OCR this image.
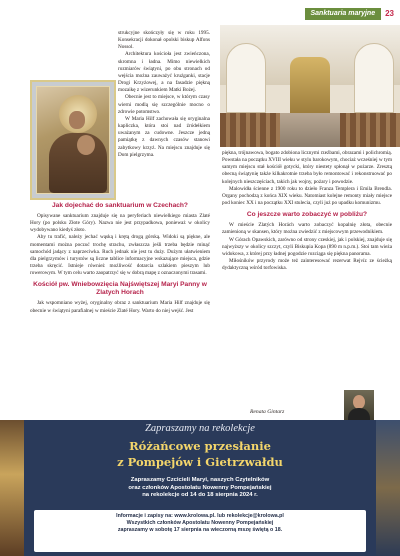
Sanktuaria maryjne	23

strukcyjne skończyły się w roku 1995. Konsekracji dokonał opolski biskup Alfons Nossol.

Architektura kościoła jest zwieńczona, skromna i ładna. Mimo niewielkich rozmiarów świątyni, po obu stronach od wejścia można zauważyć krużganki, stacje Drogi Krzyżowej, a na fasadzie piękną mozaikę z wizerunkiem Matki Bożej.

Obecnie jest to miejsce, w którym czasy wierni modlą się szczególnie mocno o zdrowie potomstwo.

W Maria Hilf zachowała się oryginalna kapliczka, która stoi nad źródełkiem uważanym za cudowne. Jeszcze jedną pamiątkę z dawnych czasów stanowi zabytkowy krzyż. Na miejscu znajduje się Dom pielgrzyma.

Jak dojechać do sanktuarium w Czechach?

Opisywane sanktuarium znajduje się na peryferiach niewielkiego miasta Zlaté Hory (po polsku Złote Góry). Nazwa nie jest przypadkowa, ponieważ w okolicy wydobywano kiedyś złoto.

Aby tu trafić, należy jechać wąską i krętą drogą górską. Widoki są piękne, ale momentami można poczuć trochę strachu, zwłaszcza jeśli trzeba będzie minąć samochód jadący z naprzeciwka. Ruch jednak nie jest tu duży. Dużym ułatwieniem dla pielgrzymów i turystów są liczne tablice informacyjne wskazujące miejsca, gdzie trzeba skręcić. Istnieje również możliwość dotarcia szlakiem pieszym lub rowerowym. W tym celu warto zaopatrzyć się w dobrą mapę z oznaczonymi trasami.

Kościół pw. Wniebowzięcia Najświętszej Maryi Panny w Zlatych Horach

Jak wspomniano wyżej, oryginalny obraz z sanktuarium Maria Hilf znajduje się obecnie w świątyni parafialnej w mieście Zlaté Hory. Warto do niej wejść. Jest

piękna, trójnawowa, bogato zdobiona licznymi rzeźbami, obrazami i polichromią. Powstała na początku XVIII wieku w stylu barokowym, chociaż wcześniej w tym samym miejscu stał kościół gotycki, który niestety spłonął w pożarze. Zresztą obecną świątynię także kilkakrotnie trzeba było remontować i rekonstruować po kolejnych nieszczęściach, takich jak wojny, pożary i powodzie.

Malowidła ścienne z 1900 roku to dzieło Franza Templera i Emila Brendla. Organy pochodzą z końca XIX wieku. Natomiast kolejne remonty miały miejsce pod koniec XX i na początku XXI stulecia, czyli już po upadku komunizmu.

Co jeszcze warto zobaczyć w pobliżu?

W mieście Zlatých Horách warto zobaczyć kopalnię złota, obecnie zamienioną w skansen, który można zwiedzić z miejscowym przewodnikiem.

W Górach Opawskich, zarówno od strony czeskiej, jak i polskiej, znajduje się najwyższy w okolicy szczyt, czyli Biskupia Kopa (890 m n.p.m.). Stoi tam wieża widokowa, z której przy ładnej pogodzie rozciąga się piękna panorama.

Miłośników przyrody może też zainteresować rezerwat Rejvíz ze ścieżką dydaktyczną wśród torfowiska.

Renata Gintarz
Zapraszamy na rekolekcje
Różańcowe przesłanie
z Pompejów i Gietrzwałdu
Zapraszamy Czcicieli Maryi, naszych Czytelników
oraz członków Apostolatu Nowenny Pompejańskiej
na rekolekcje od 14 do 18 sierpnia 2024 r.
Informacje i zapisy na: www.krolowa.pl. lub rekolekcje@krolowa.pl
Wszystkich członków Apostolatu Nowenny Pompejańskiej
zapraszamy w sobotę 17 sierpnia na wieczorną mszę świętą o 18.
